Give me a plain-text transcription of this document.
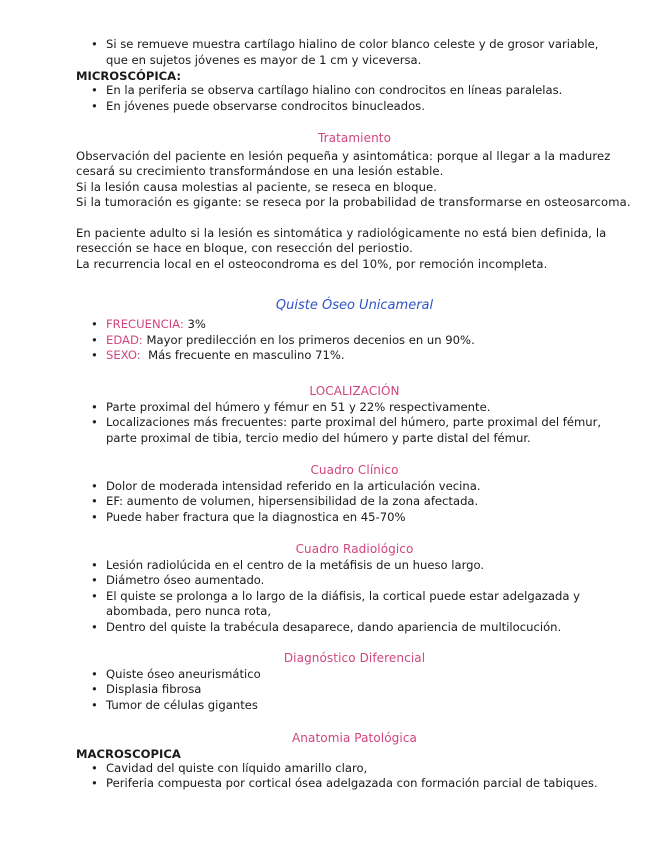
• Si se remueve muestra cartílago hialino de color blanco celeste y de grosor variable, que en sujetos jóvenes es mayor de 1 cm y viceversa.
MICROSCÓPICA:
• En la periferia se observa cartílago hialino con condrocitos en líneas paralelas.
• En jóvenes puede observarse condrocitos binucleados.
Tratamiento

Observación del paciente en lesión pequeña y asintomática: porque al llegar a la madurez cesará su crecimiento transformándose en una lesión estable.

Si la lesión causa molestias al paciente, se reseca en bloque.

Si la tumoración es gigante: se reseca por la probabilidad de transformarse en osteosarcoma.

En paciente adulto si la lesión es sintomática y radiológicamente no está bien definida, la resección se hace en bloque, con resección del periostio.

La recurrencia local en el osteocondroma es del 10%, por remoción incompleta.

Quiste Óseo Unicameral
• FRECUENCIA: 3%
• EDAD: Mayor predilección en los primeros decenios en un 90%.
• SEXO:  Más frecuente en masculino 71%.
LOCALIZACIÓN
• Parte proximal del húmero y fémur en 51 y 22% respectivamente.
• Localizaciones más frecuentes: parte proximal del húmero, parte proximal del fémur, parte proximal de tibia, tercio medio del húmero y parte distal del fémur.
Cuadro Clínico
• Dolor de moderada intensidad referido en la articulación vecina.
• EF: aumento de volumen, hipersensibilidad de la zona afectada.
• Puede haber fractura que la diagnostica en 45-70%
Cuadro Radiológico
• Lesión radiolúcida en el centro de la metáfisis de un hueso largo.
• Diámetro óseo aumentado.
• El quiste se prolonga a lo largo de la diáfisis, la cortical puede estar adelgazada y abombada, pero nunca rota,
• Dentro del quiste la trabécula desaparece, dando apariencia de multilocución.
Diagnóstico Diferencial
• Quiste óseo aneurismático
• Displasia fibrosa
• Tumor de células gigantes
Anatomia Patológica
MACROSCOPICA
• Cavidad del quiste con líquido amarillo claro,
• Periferia compuesta por cortical ósea adelgazada con formación parcial de tabiques.
